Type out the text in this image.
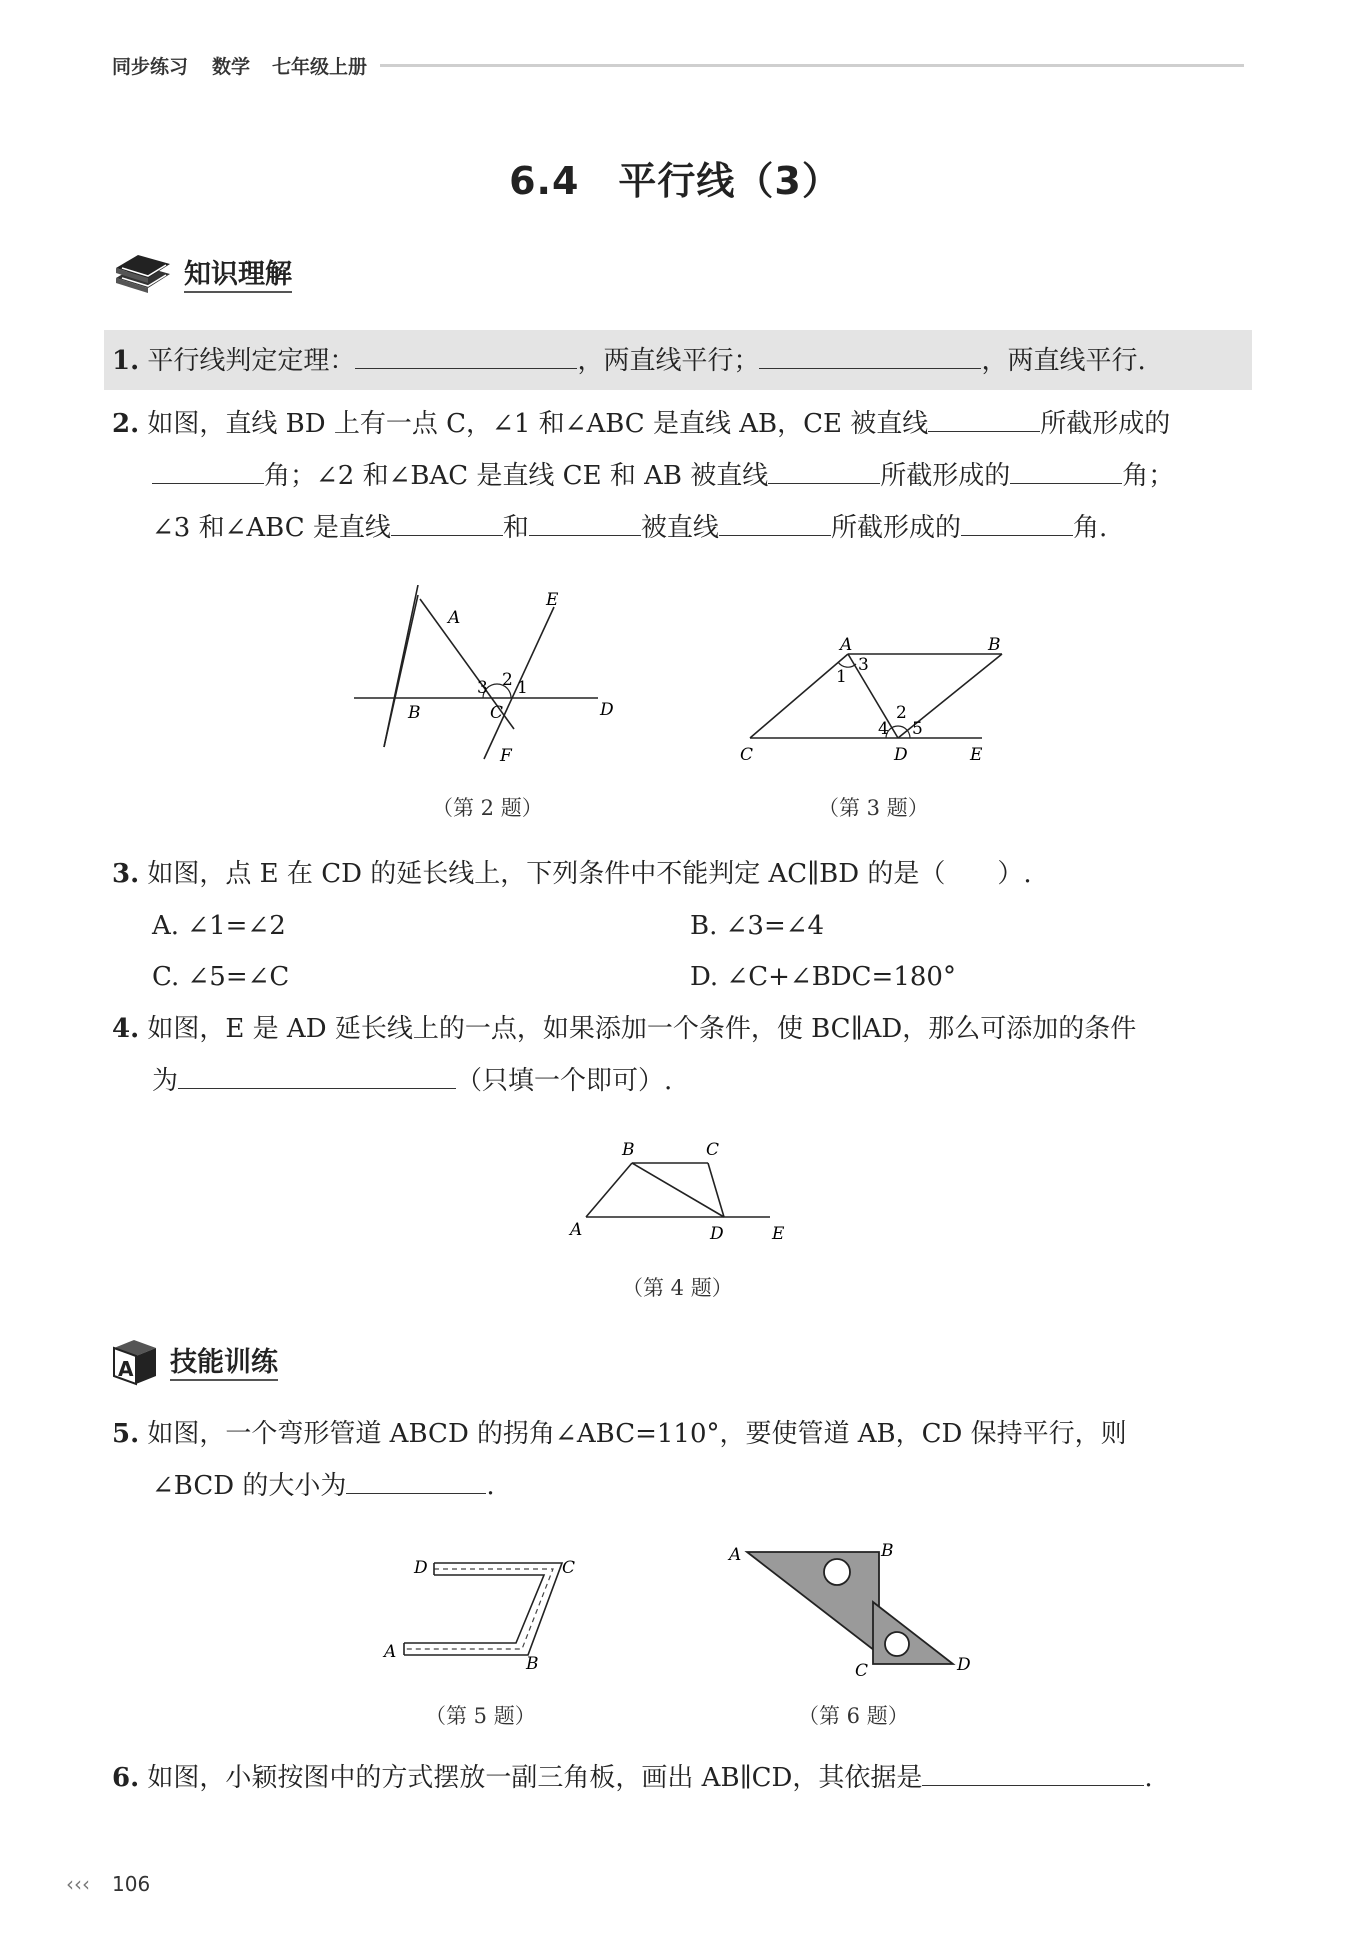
同步练习 数学 七年级上册
6.4　平行线（3）
知识理解
1. 平行线判定定理：	，两直线平行；	，两直线平行.
2. 如图，直线 BD 上有一点 C，∠1 和∠ABC 是直线 AB，CE 被直线	所截形成的
角；∠2 和∠BAC 是直线 CE 和 AB 被直线	所截形成的	角；
∠3 和∠ABC 是直线	和	被直线	所截形成的	角.
A
E
B	C	D
F
3 2 1
（第 2 题）
A	B
C	D	E
1
3
4
2
5
（第 3 题）
3. 如图，点 E 在 CD 的延长线上，下列条件中不能判定 AC∥BD 的是（　　）.
A. ∠1=∠2	B. ∠3=∠4
C. ∠5=∠C	D. ∠C+∠BDC=180°
4. 如图，E 是 AD 延长线上的一点，如果添加一个条件，使 BC∥AD，那么可添加的条件
为	（只填一个即可）.
B	C
A	D	E
（第 4 题）
A 技能训练
5. 如图，一个弯形管道 ABCD 的拐角∠ABC=110°，要使管道 AB，CD 保持平行，则
∠BCD 的大小为	.
D	C
A
B
（第 5 题）
A	B
C	D
（第 6 题）
6. 如图，小颖按图中的方式摆放一副三角板，画出 AB∥CD，其依据是	.
‹‹‹ 106
